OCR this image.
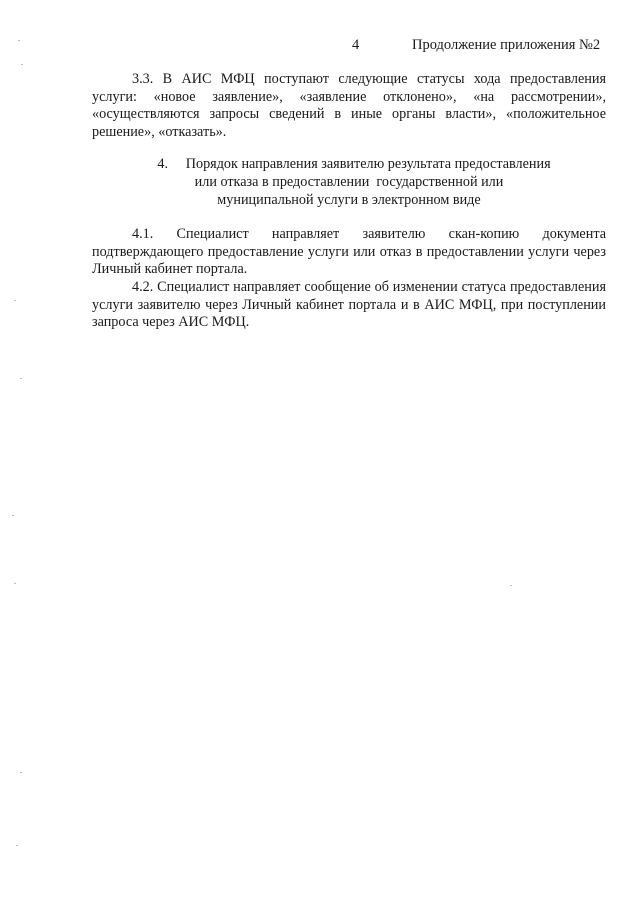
4	Продолжение приложения №2

3.3. В АИС МФЦ поступают следующие статусы хода предоставления услуги: «новое заявление», «заявление отклонено», «на рассмотрении», «осуществляются запросы сведений в иные органы власти», «положительное решение», «отказать».

4.     Порядок направления заявителю результата предоставления
или отказа в предоставлении  государственной или
муниципальной услуги в электронном виде

4.1. Специалист направляет заявителю скан-копию документа подтверждающего предоставление услуги или отказ в предоставлении услуги через Личный кабинет портала.

4.2. Специалист направляет сообщение об изменении статуса предоставления услуги заявителю через Личный кабинет портала и в АИС МФЦ, при поступлении запроса через АИС МФЦ.
